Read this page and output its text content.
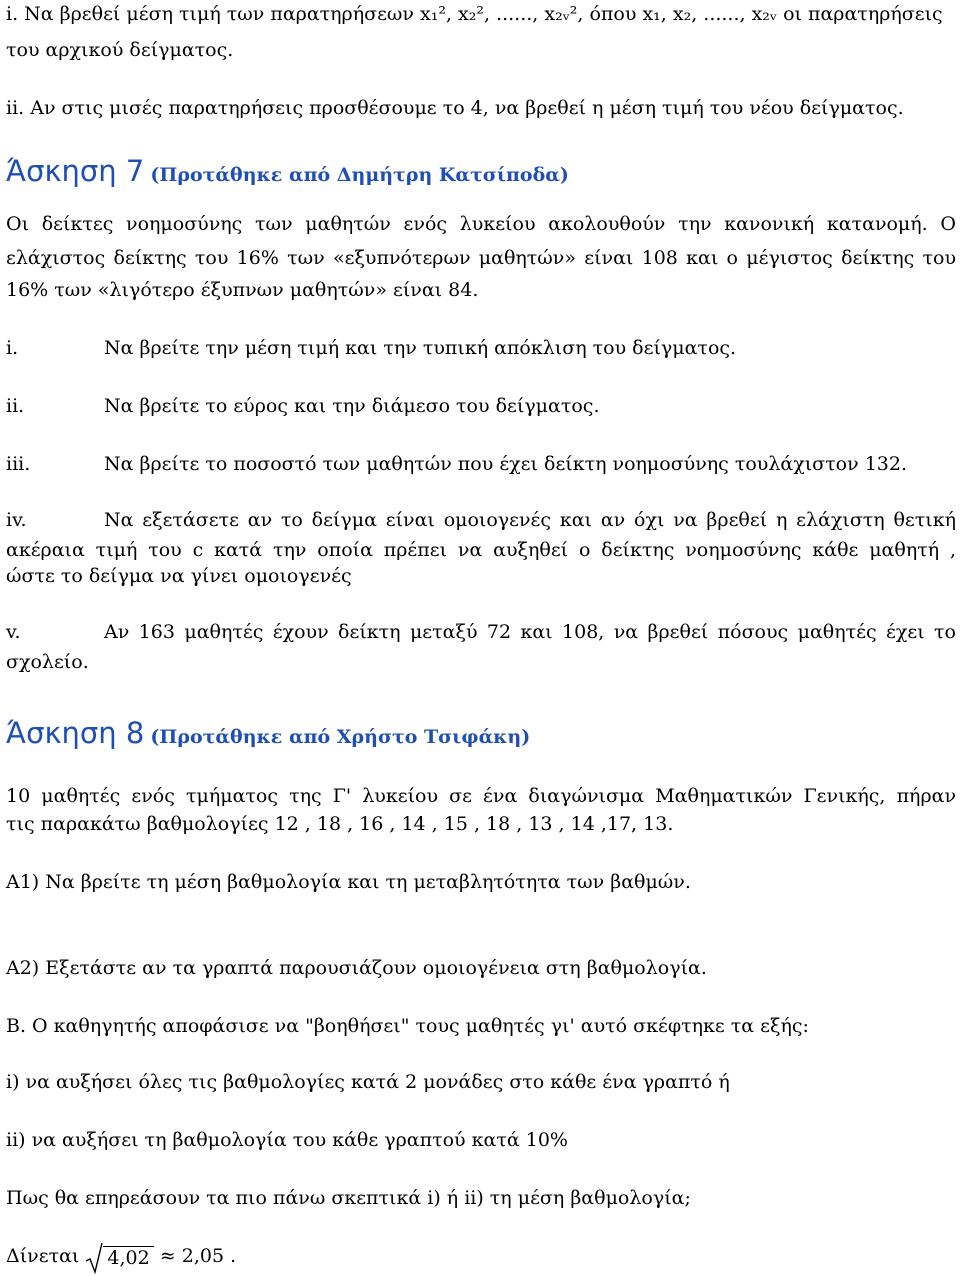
i. Να βρεθεί μέση τιμή των παρατηρήσεων x₁², x₂², ......, x₂ᵥ², όπου x₁, x₂, ......, x₂ᵥ οι παρατηρήσεις
του αρχικού δείγματος.
ii. Αν στις μισές παρατηρήσεις προσθέσουμε το 4, να βρεθεί η μέση τιμή του νέου δείγματος.
Άσκηση 7 (Προτάθηκε από Δημήτρη Κατσίποδα)
Οι δείκτες νοημοσύνης των μαθητών ενός λυκείου ακολουθούν την κανονική κατανομή. Ο
ελάχιστος δείκτης του 16% των «εξυπνότερων μαθητών» είναι 108 και ο μέγιστος δείκτης του
16% των «λιγότερο έξυπνων μαθητών» είναι 84.
i.	Να βρείτε την μέση τιμή και την τυπική απόκλιση του δείγματος.
ii.	Να βρείτε το εύρος και την διάμεσο του δείγματος.
iii.	Να βρείτε το ποσοστό των μαθητών που έχει δείκτη νοημοσύνης τουλάχιστον 132.
iv.	Να εξετάσετε αν το δείγμα είναι ομοιογενές και αν όχι να βρεθεί η ελάχιστη θετική
ακέραια τιμή του c κατά την οποία πρέπει να αυξηθεί ο δείκτης νοημοσύνης κάθε μαθητή ,
ώστε το δείγμα να γίνει ομοιογενές
v.	Αν 163 μαθητές έχουν δείκτη μεταξύ 72 και 108, να βρεθεί πόσους μαθητές έχει το
σχολείο.
Άσκηση 8 (Προτάθηκε από Χρήστο Τσιφάκη)
10 μαθητές ενός τμήματος της Γ' λυκείου σε ένα διαγώνισμα Μαθηματικών Γενικής, πήραν
τις παρακάτω βαθμολογίες 12 , 18 , 16 , 14 , 15 , 18 , 13 , 14 ,17, 13.
Α1) Να βρείτε τη μέση βαθμολογία και τη μεταβλητότητα των βαθμών.
Α2) Εξετάστε αν τα γραπτά παρουσιάζουν ομοιογένεια στη βαθμολογία.
Β. Ο καθηγητής αποφάσισε να "βοηθήσει" τους μαθητές γι' αυτό σκέφτηκε τα εξής:
i) να αυξήσει όλες τις βαθμολογίες κατά 2 μονάδες στο κάθε ένα γραπτό ή
ii) να αυξήσει τη βαθμολογία του κάθε γραπτού κατά 10%
Πως θα επηρεάσουν τα πιο πάνω σκεπτικά i) ή ii) τη μέση βαθμολογία;
Δίνεται 4,02 ≈ 2,05 .
